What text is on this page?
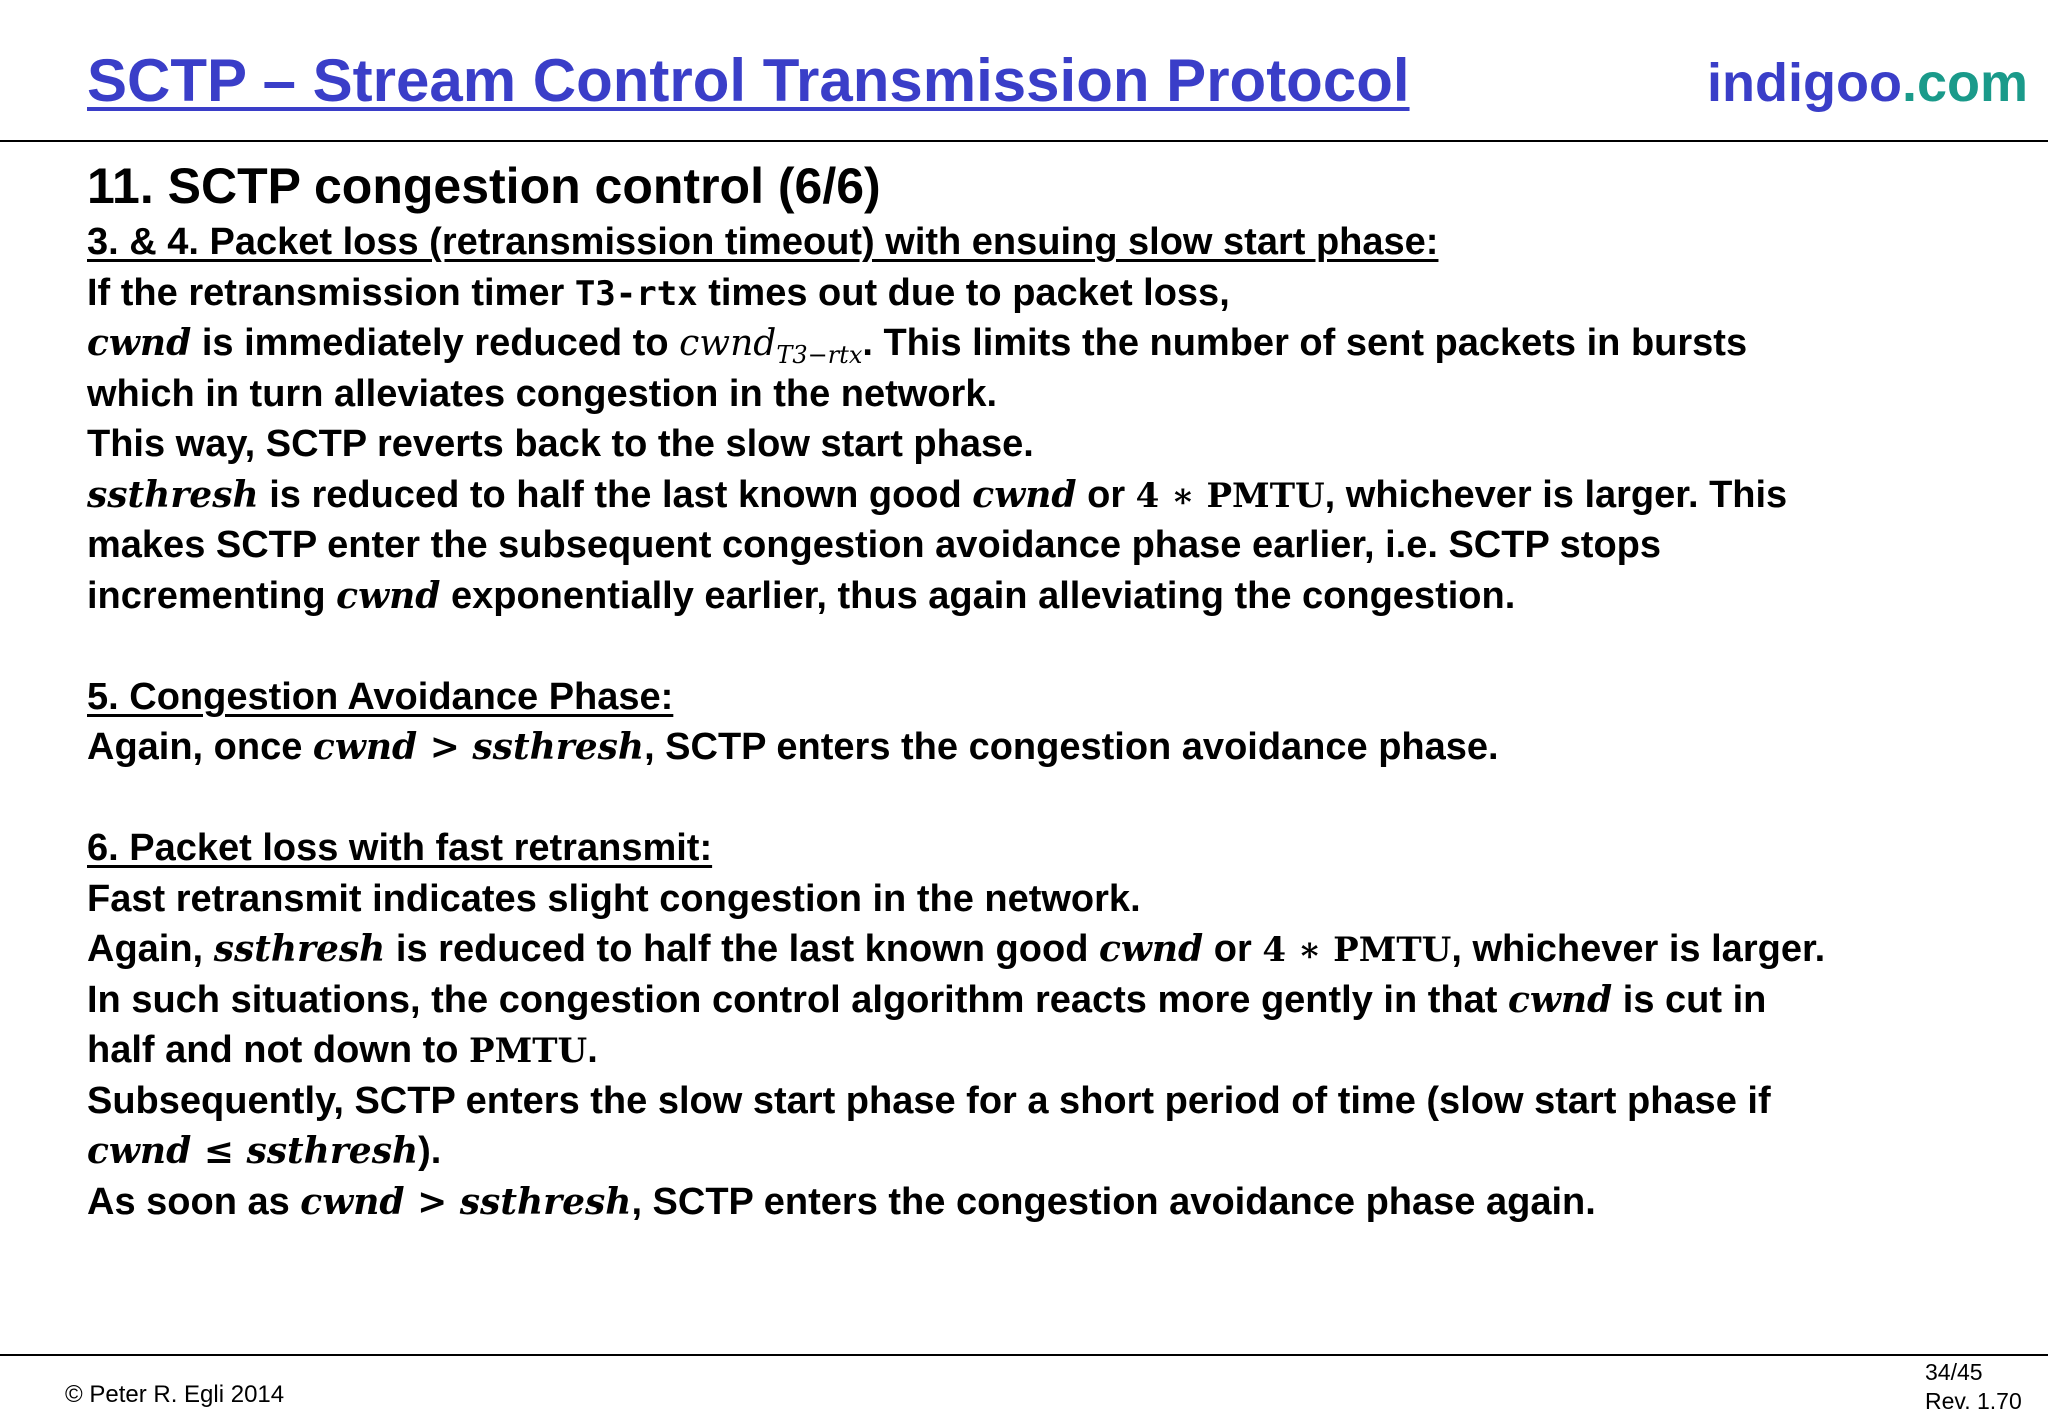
SCTP – Stream Control Transmission Protocol	indigoo.com
11. SCTP congestion control (6/6)
3. & 4. Packet loss (retransmission timeout) with ensuing slow start phase:
If the retransmission timer T3-rtx times out due to packet loss,
cwnd is immediately reduced to cwnd$_{T3-rtx}$. This limits the number of sent packets in bursts
which in turn alleviates congestion in the network.
This way, SCTP reverts back to the slow start phase.
ssthresh is reduced to half the last known good cwnd or 4 ∗ PMTU, whichever is larger. This
makes SCTP enter the subsequent congestion avoidance phase earlier, i.e. SCTP stops
incrementing cwnd exponentially earlier, thus again alleviating the congestion.
5. Congestion Avoidance Phase:
Again, once cwnd > ssthresh, SCTP enters the congestion avoidance phase.
6. Packet loss with fast retransmit:
Fast retransmit indicates slight congestion in the network.
Again, ssthresh is reduced to half the last known good cwnd or 4 ∗ PMTU, whichever is larger.
In such situations, the congestion control algorithm reacts more gently in that cwnd is cut in
half and not down to PMTU.
Subsequently, SCTP enters the slow start phase for a short period of time (slow start phase if
cwnd ≤ ssthresh).
As soon as cwnd > ssthresh, SCTP enters the congestion avoidance phase again.
© Peter R. Egli 2014
34/45
Rev. 1.70
